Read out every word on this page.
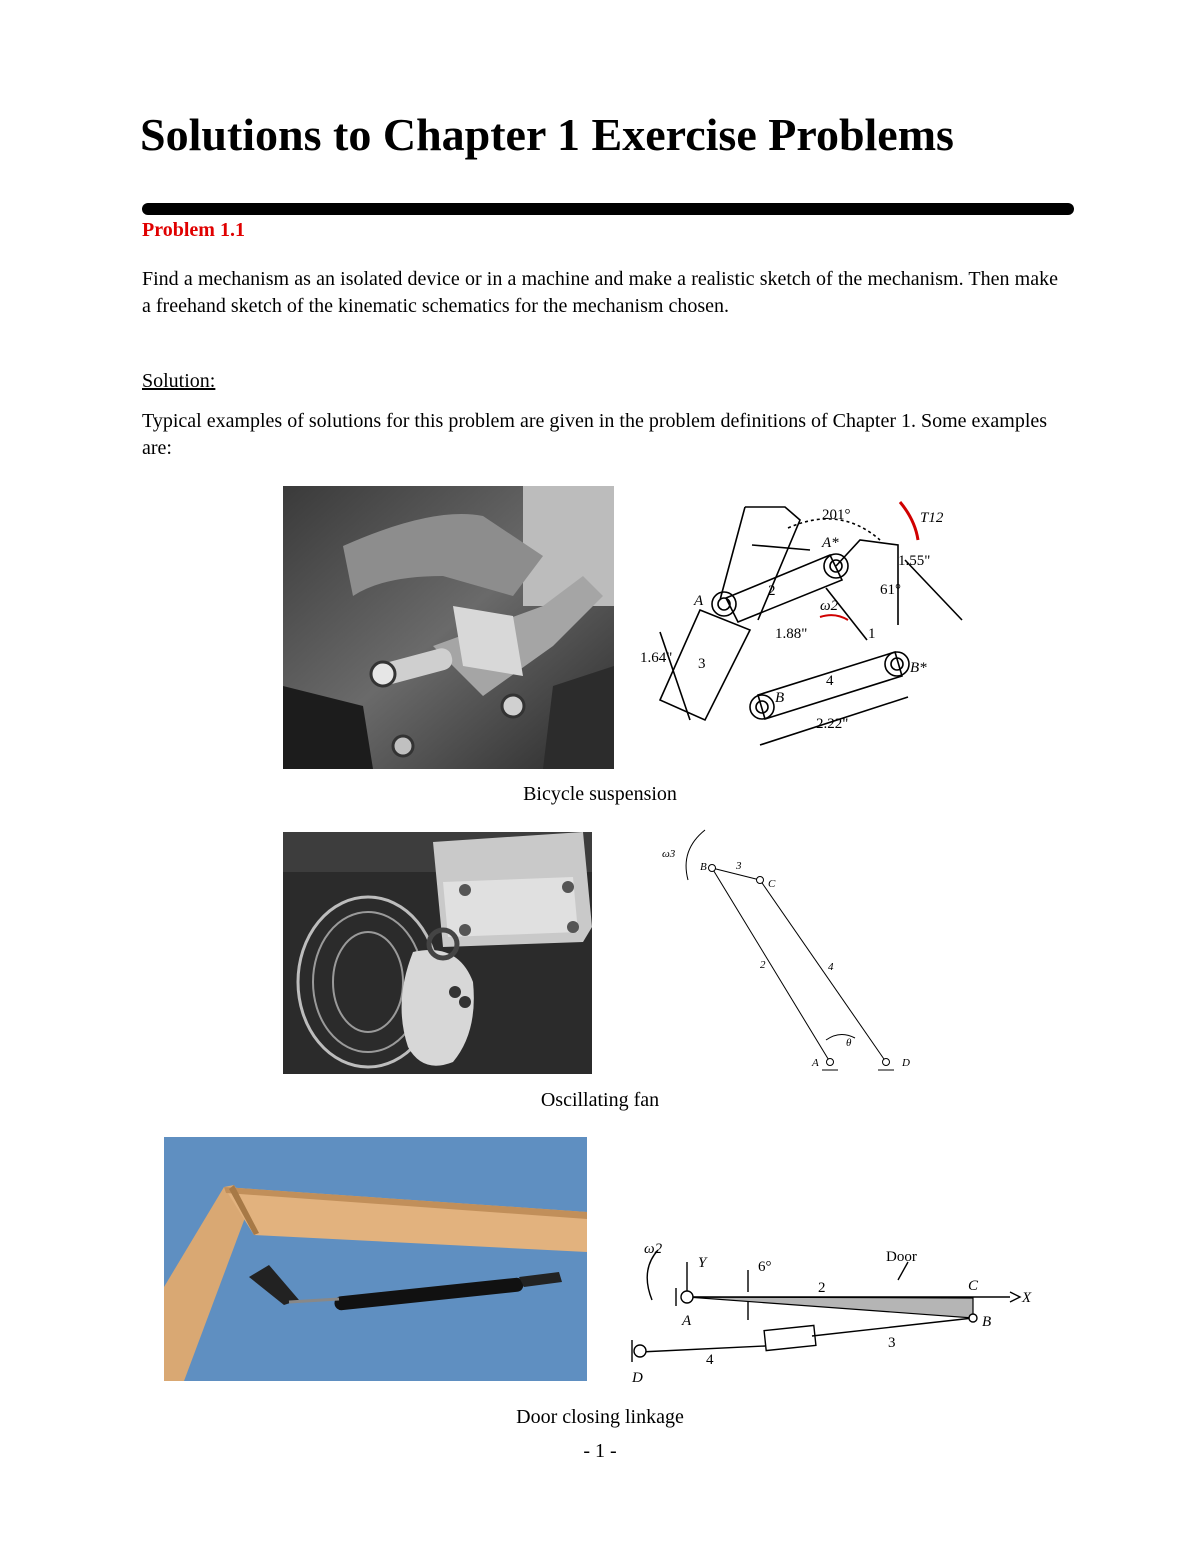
Solutions to Chapter 1 Exercise Problems
Problem 1.1
Find a mechanism as an isolated device or in a machine and make a realistic sketch of the mechanism. Then make a freehand sketch of the kinematic schematics for the mechanism chosen.
Solution:
Typical examples of solutions for this problem are given in the problem definitions of Chapter 1. Some examples are:
201°	T12
A*
1.55"
61°
2
ω2
A
1.88"	1
1.64" 3	B*
4
B
2.22"
Bicycle suspension
ω3
B	3
C
2	4
θ
A	D
Oscillating fan
ω2
Y	6°
Door
C
X
2
A	B
3
4
D
Door closing linkage
- 1 -
